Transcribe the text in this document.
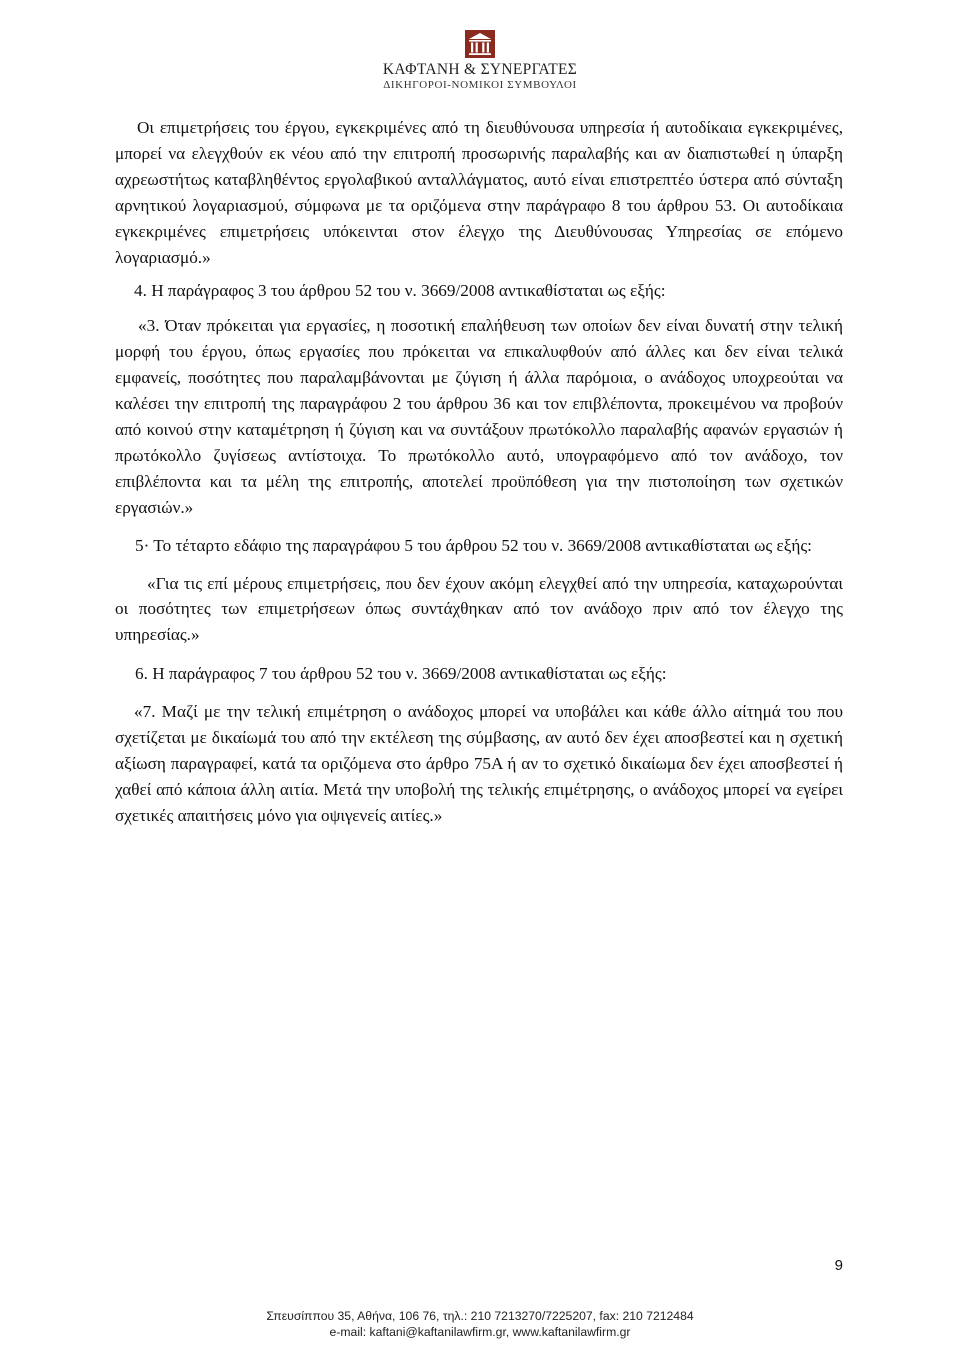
ΚΑΦΤΑΝΗ & ΣΥΝΕΡΓΑΤΕΣ
ΔΙΚΗΓΟΡΟΙ-ΝΟΜΙΚΟΙ ΣΥΜΒΟΥΛΟΙ

Οι επιμετρήσεις του έργου, εγκεκριμένες από τη διευθύνουσα υπηρεσία ή αυτοδίκαια εγκεκριμένες, μπορεί να ελεγχθούν εκ νέου από την επιτροπή προσωρινής παραλαβής και αν διαπιστωθεί η ύπαρξη αχρεωστήτως καταβληθέντος εργολαβικού ανταλλάγματος, αυτό είναι επιστρεπτέο ύστερα από σύνταξη αρνητικού λογαριασμού, σύμφωνα με τα οριζόμενα στην παράγραφο 8 του άρθρου 53. Οι αυτοδίκαια εγκεκριμένες επιμετρήσεις υπόκεινται στον έλεγχο της Διευθύνουσας Υπηρεσίας σε επόμενο λογαριασμό.»

4. Η παράγραφος 3 του άρθρου 52 του ν. 3669/2008 αντικαθίσταται ως εξής:

«3. Όταν πρόκειται για εργασίες, η ποσοτική επαλήθευση των οποίων δεν είναι δυνατή στην τελική μορφή του έργου, όπως εργασίες που πρόκειται να επικαλυφθούν από άλλες και δεν είναι τελικά εμφανείς, ποσότητες που παραλαμβάνονται με ζύγιση ή άλλα παρόμοια, ο ανάδοχος υποχρεούται να καλέσει την επιτροπή της παραγράφου 2 του άρθρου 36 και τον επιβλέποντα, προκειμένου να προβούν από κοινού στην καταμέτρηση ή ζύγιση και να συντάξουν πρωτόκολλο παραλαβής αφανών εργασιών ή πρωτόκολλο ζυγίσεως αντίστοιχα. Το πρωτόκολλο αυτό, υπογραφόμενο από τον ανάδοχο, τον επιβλέποντα και τα μέλη της επιτροπής, αποτελεί προϋπόθεση για την πιστοποίηση των σχετικών εργασιών.»

5· Το τέταρτο εδάφιο της παραγράφου 5 του άρθρου 52 του ν. 3669/2008 αντικαθίσταται ως εξής:

«Για τις επί μέρους επιμετρήσεις, που δεν έχουν ακόμη ελεγχθεί από την υπηρεσία, καταχωρούνται οι ποσότητες των επιμετρήσεων όπως συντάχθηκαν από τον ανάδοχο πριν από τον έλεγχο της υπηρεσίας.»

6. Η παράγραφος 7 του άρθρου 52 του ν. 3669/2008 αντικαθίσταται ως εξής:

«7. Μαζί με την τελική επιμέτρηση ο ανάδοχος μπορεί να υποβάλει και κάθε άλλο αίτημά του που σχετίζεται με δικαίωμά του από την εκτέλεση της σύμβασης, αν αυτό δεν έχει αποσβεστεί και η σχετική αξίωση παραγραφεί, κατά τα οριζόμενα στο άρθρο 75Α ή αν το σχετικό δικαίωμα δεν έχει αποσβεστεί ή χαθεί από κάποια άλλη αιτία. Μετά την υποβολή της τελικής επιμέτρησης, ο ανάδοχος μπορεί να εγείρει σχετικές απαιτήσεις μόνο για οψιγενείς αιτίες.»

9
Σπευσίππου 35, Αθήνα, 106 76, τηλ.: 210 7213270/7225207, fax: 210 7212484
e-mail: kaftani@kaftanilawfirm.gr, www.kaftanilawfirm.gr
